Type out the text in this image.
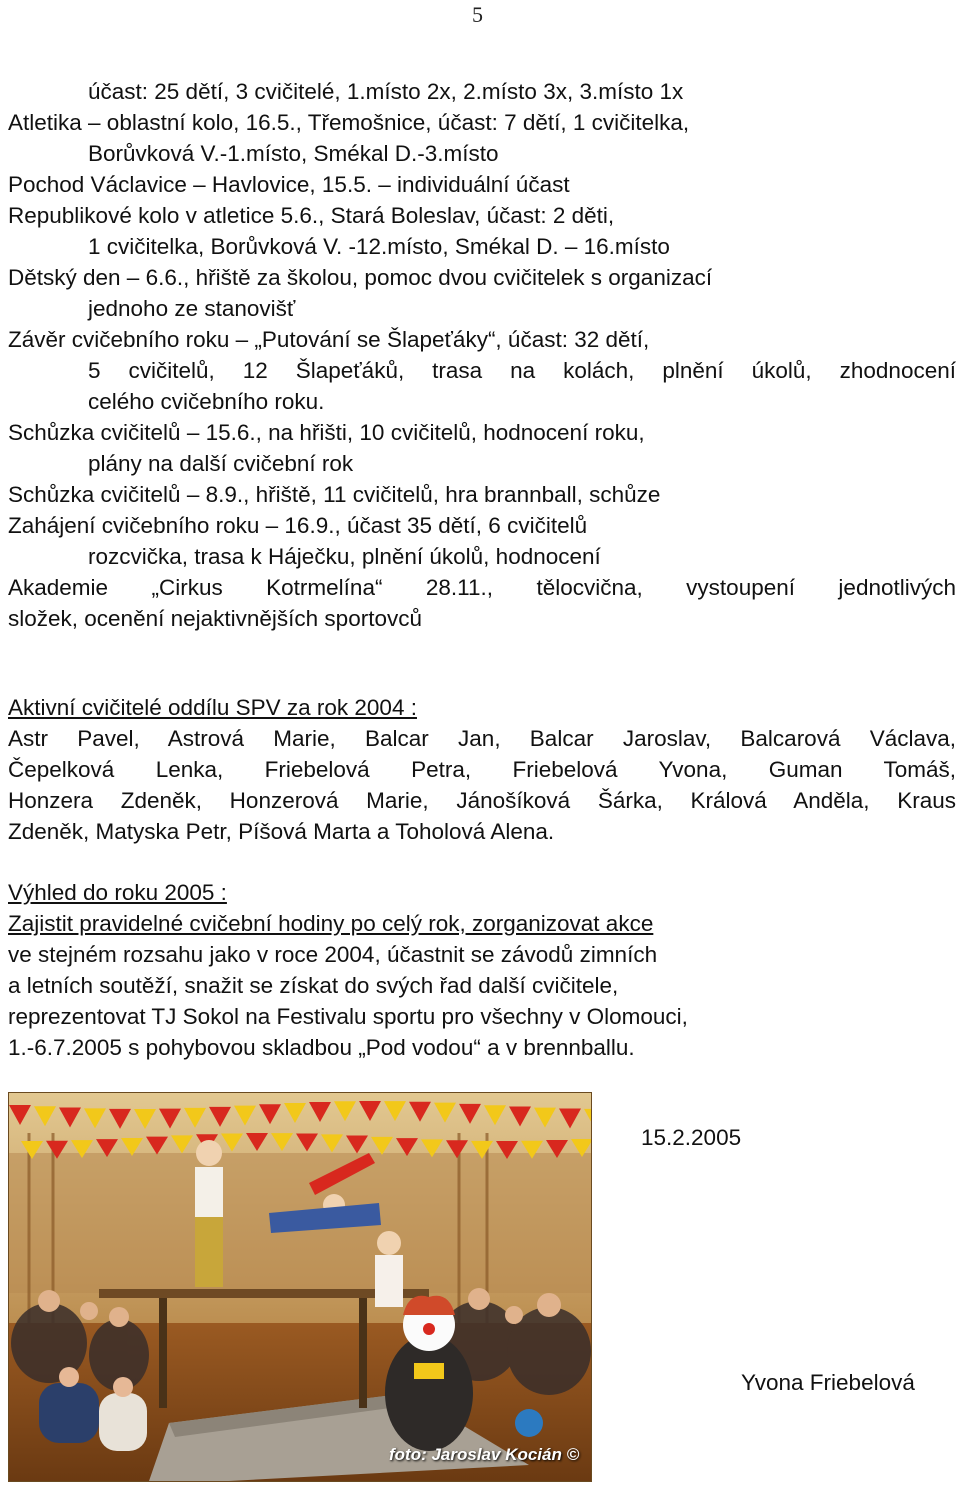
5
účast: 25 dětí, 3 cvičitelé, 1.místo 2x, 2.místo 3x, 3.místo 1x
Atletika – oblastní kolo, 16.5., Třemošnice, účast: 7 dětí, 1 cvičitelka,
Borůvková V.-1.místo, Smékal D.-3.místo
Pochod Václavice – Havlovice, 15.5. – individuální účast
Republikové kolo v atletice 5.6., Stará Boleslav, účast: 2 děti,
1 cvičitelka, Borůvková V. -12.místo, Smékal D. – 16.místo
Dětský den – 6.6., hřiště za školou, pomoc dvou cvičitelek s organizací
jednoho ze stanovišť
Závěr cvičebního roku – „Putování se Šlapeťáky“, účast: 32 dětí,
5 cvičitelů, 12 Šlapeťáků, trasa na kolách, plnění úkolů, zhodnocení
celého cvičebního roku.
Schůzka cvičitelů – 15.6., na hřišti, 10 cvičitelů, hodnocení roku,
plány na další cvičební rok
Schůzka cvičitelů – 8.9., hřiště, 11 cvičitelů, hra brannball, schůze
Zahájení cvičebního roku – 16.9., účast 35 dětí, 6 cvičitelů
rozcvička, trasa k Háječku, plnění úkolů, hodnocení
Akademie „Cirkus Kotrmelína“ 28.11., tělocvična, vystoupení jednotlivých
složek, ocenění nejaktivnějších sportovců
Aktivní cvičitelé oddílu SPV za rok 2004 :
Astr Pavel, Astrová Marie, Balcar Jan, Balcar Jaroslav, Balcarová Václava,
Čepelková Lenka, Friebelová Petra, Friebelová Yvona, Guman Tomáš,
Honzera Zdeněk, Honzerová Marie, Jánošíková Šárka, Králová Anděla, Kraus
Zdeněk, Matyska Petr, Píšová Marta a Toholová Alena.
Výhled do roku 2005 :
Zajistit pravidelné cvičební hodiny po celý rok, zorganizovat akce
ve stejném rozsahu jako v roce 2004, účastnit se závodů zimních
a letních soutěží, snažit se získat do svých řad další cvičitele,
reprezentovat TJ Sokol na Festivalu sportu pro všechny v Olomouci,
1.-6.7.2005 s pohybovou skladbou „Pod vodou“ a v brennballu.
foto: Jaroslav Kocián ©
15.2.2005
Yvona Friebelová
